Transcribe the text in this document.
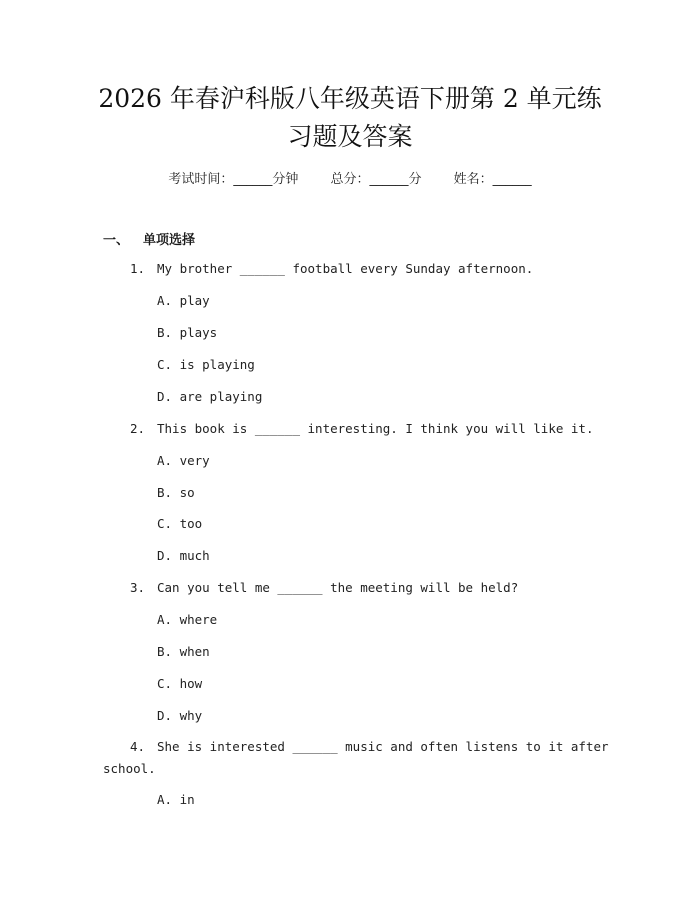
2026 年春沪科版八年级英语下册第 2 单元练
习题及答案
考试时间：______分钟 总分：______分 姓名：______
一、 单项选择
1. My brother ______ football every Sunday afternoon.
A. play
B. plays
C. is playing
D. are playing
2. This book is ______ interesting. I think you will like it.
A. very
B. so
C. too
D. much
3. Can you tell me ______ the meeting will be held?
A. where
B. when
C. how
D. why
4. She is interested ______ music and often listens to it after
school.
A. in
